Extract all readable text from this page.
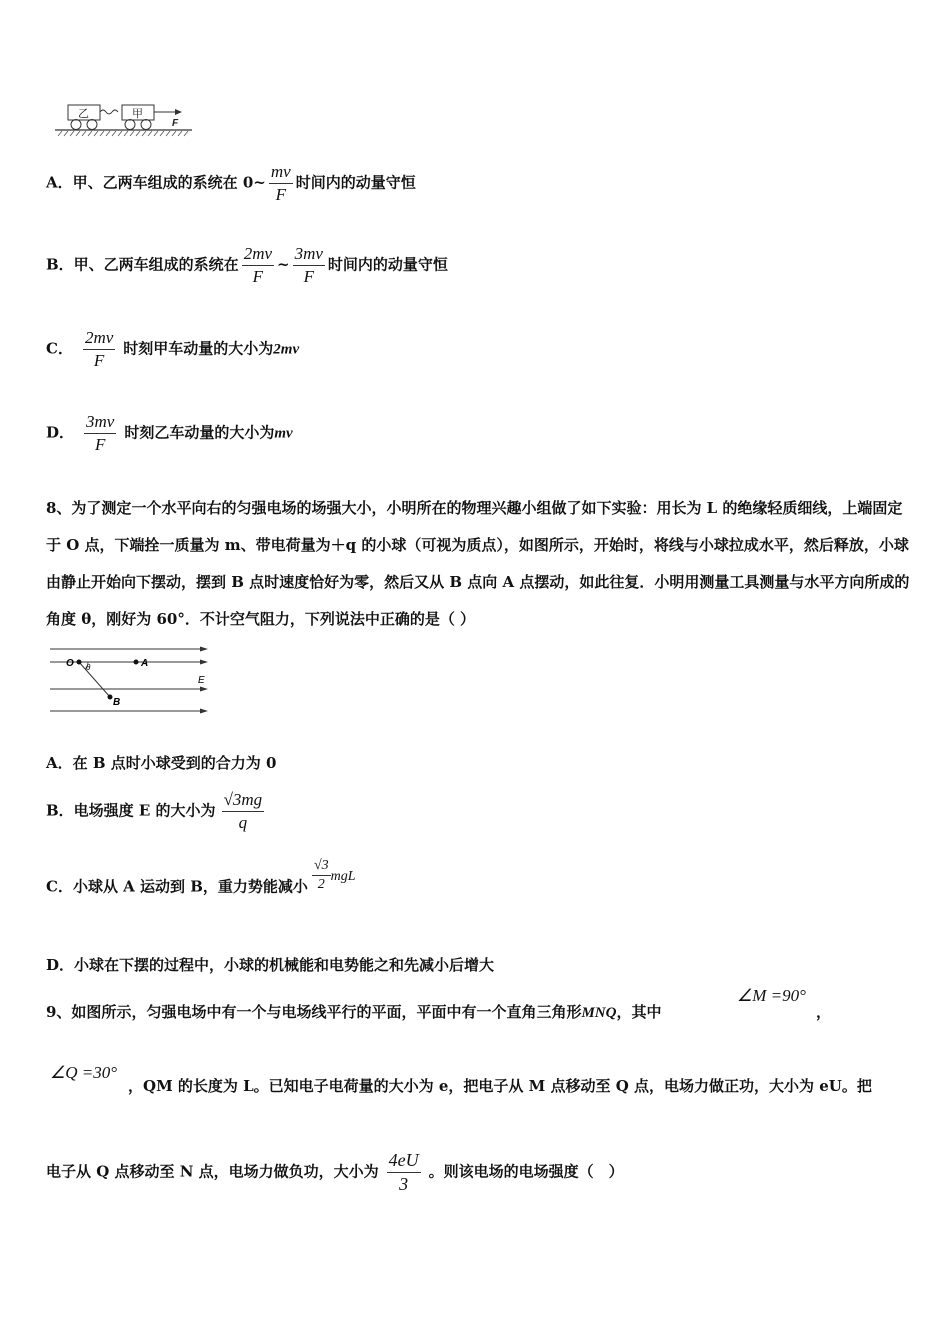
乙	甲
F
A．甲、乙两车组成的系统在 0~ $\frac{mv}{F}$ 时间内的动量守恒
B．甲、乙两车组成的系统在 $\frac{2mv}{F}$ ~ $\frac{3mv}{F}$ 时间内的动量守恒
C． $\frac{2mv}{F}$ 时刻甲车动量的大小为2mv
D． $\frac{3mv}{F}$ 时刻乙车动量的大小为mv
8、为了测定一个水平向右的匀强电场的场强大小，小明所在的物理兴趣小组做了如下实验：用长为 L 的绝缘轻质细线，上端固定于 O 点，下端拴一质量为 m、带电荷量为＋q 的小球（可视为质点），如图所示，开始时，将线与小球拉成水平，然后释放，小球由静止开始向下摆动，摆到 B 点时速度恰好为零，然后又从 B 点向 A 点摆动，如此往复．小明用测量工具测量与水平方向所成的角度 θ，刚好为 60°．不计空气阻力，下列说法中正确的是（ ）
O θ	A
E
B
A．在 B 点时小球受到的合力为 0
B．电场强度 E 的大小为 $\frac{√3mg}{q}$
C．小球从 A 运动到 B，重力势能减小 $\frac{√3}{2}$ mgL
D．小球在下摆的过程中，小球的机械能和电势能之和先减小后增大
9、如图所示，匀强电场中有一个与电场线平行的平面，平面中有一个直角三角形MNQ，其中
∠M =90°
，
∠Q =30°
，QM 的长度为 L。已知电子电荷量的大小为 e，把电子从 M 点移动至 Q 点，电场力做正功，大小为 eU。把
电子从 Q 点移动至 N 点，电场力做负功，大小为 $\frac{4eU}{3}$ 。则该电场的电场强度（　）
